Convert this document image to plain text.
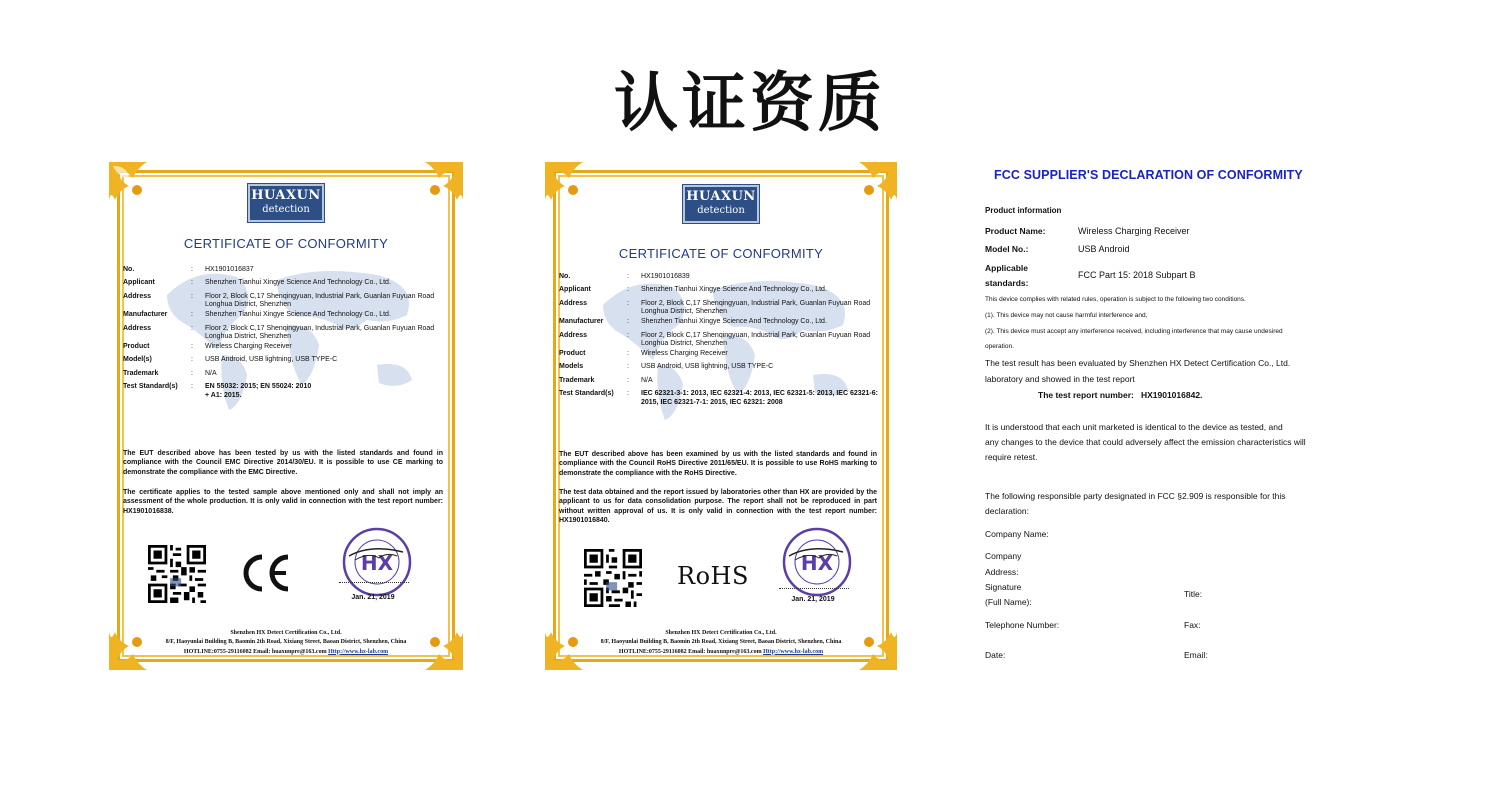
认证资质
HUAXUN
detection
CERTIFICATE OF CONFORMITY
No.	:	HX1901016837
Applicant	:	Shenzhen Tianhui Xingye Science And Technology Co., Ltd.
Address	:	Floor 2, Block C,17 Shenqingyuan, Industrial Park, Guanlan Fuyuan Road Longhua District, Shenzhen
Manufacturer	:	Shenzhen Tianhui Xingye Science And Technology Co., Ltd.
Address	:	Floor 2, Block C,17 Shenqingyuan, Industrial Park, Guanlan Fuyuan Road Longhua District, Shenzhen
Product	:	Wireless Charging Receiver
Model(s)	:	USB Android, USB lightning, USB TYPE-C
Trademark	:	N/A
Test Standard(s)	:	EN 55032: 2015; EN 55024: 2010 + A1: 2015.
The EUT described above has been tested by us with the listed standards and found in compliance with the Council EMC Directive 2014/30/EU. It is possible to use CE marking to demonstrate the compliance with the EMC Directive.
The certificate applies to the tested sample above mentioned only and shall not imply an assessment of the whole production. It is only valid in connection with the test report number: HX1901016838.
HX
Jan. 21, 2019
Shenzhen HX Detect Certification Co., Ltd.
8/F, Haoyunlai Building B, Baomin 2th Road, Xixiang Street, Baoan District, Shenzhen, China
HOTLINE:0755-29116082 Email: huaxunpre@163.com Http://www.hx-lab.com
HUAXUN
detection
CERTIFICATE OF CONFORMITY
No.	:	HX1901016839
Applicant	:	Shenzhen Tianhui Xingye Science And Technology Co., Ltd.
Address	:	Floor 2, Block C,17 Shenqingyuan, Industrial Park, Guanlan Fuyuan Road Longhua District, Shenzhen
Manufacturer	:	Shenzhen Tianhui Xingye Science And Technology Co., Ltd.
Address	:	Floor 2, Block C,17 Shenqingyuan, Industrial Park, Guanlan Fuyuan Road Longhua District, Shenzhen
Product	:	Wireless Charging Receiver
Models	:	USB Android, USB lightning, USB TYPE-C
Trademark	:	N/A
Test Standard(s)	:	IEC 62321-3-1: 2013, IEC 62321-4: 2013, IEC 62321-5: 2013, IEC 62321-6: 2015, IEC 62321-7-1: 2015, IEC 62321: 2008
The EUT described above has been examined by us with the listed standards and found in compliance with the Council RoHS Directive 2011/65/EU. It is possible to use RoHS marking to demonstrate the compliance with the RoHS Directive.
The test data obtained and the report issued by laboratories other than HX are provided by the applicant to us for data consolidation purpose. The report shall not be reproduced in part without written approval of us. It is only valid in connection with the test report number: HX1901016840.
RoHS	HX
Jan. 21, 2019
Shenzhen HX Detect Certification Co., Ltd.
8/F, Haoyunlai Building B, Baomin 2th Road, Xixiang Street, Baoan District, Shenzhen, China
HOTLINE:0755-29116082 Email: huaxunpre@163.com Http://www.hx-lab.com
FCC SUPPLIER'S DECLARATION OF CONFORMITY
Product information
Product Name:	Wireless Charging Receiver
Model No.:	USB Android
Applicable
standards:
FCC Part 15: 2018 Subpart B
This device complies with related rules, operation is subject to the following two conditions.
(1). This device may not cause harmful interference and,
(2). This device must accept any interference received, including interference that may cause undesired
operation.
The test result has been evaluated by Shenzhen HX Detect Certification Co., Ltd.
laboratory and showed in the test report
The test report number: HX1901016842.
It is understood that each unit marketed is identical to the device as tested, and
any changes to the device that could adversely affect the emission characteristics will
require retest.
The following responsible party designated in FCC §2.909 is responsible for this
declaration:
Company Name:
Company
Address:
Signature
(Full Name):
Title:
Telephone Number:	Fax:
Date:	Email:
